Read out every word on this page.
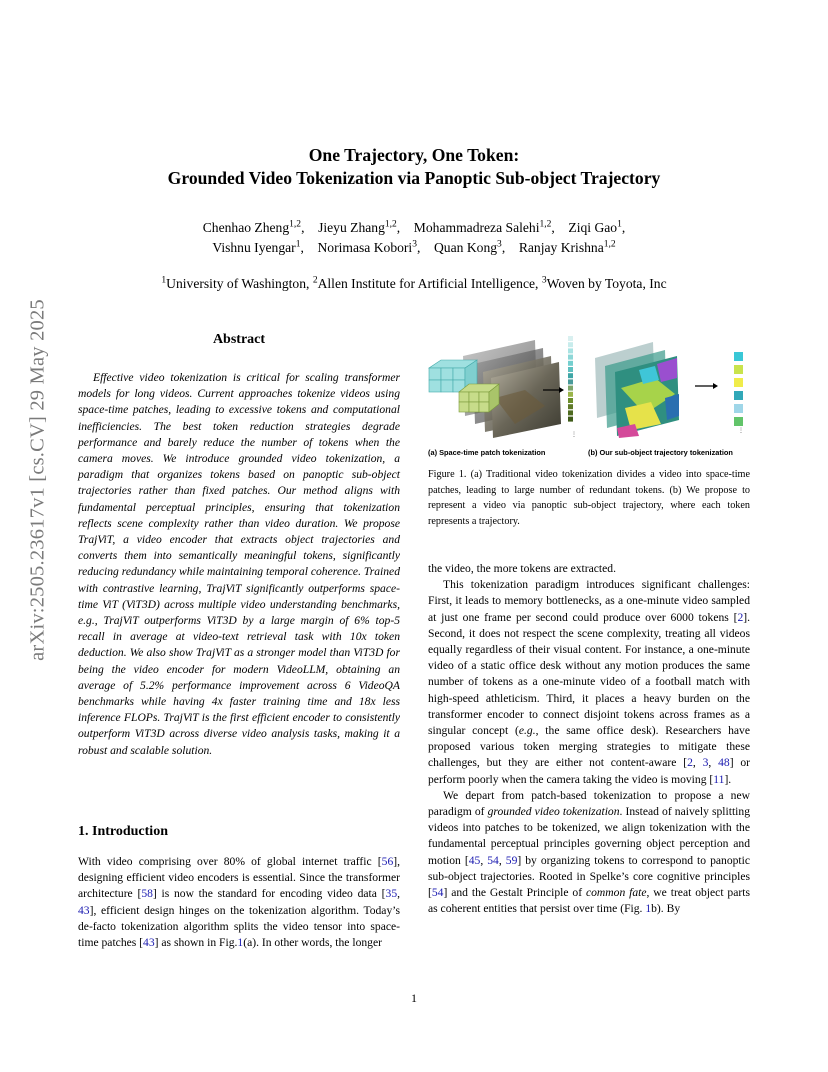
arXiv:2505.23617v1 [cs.CV] 29 May 2025
One Trajectory, One Token:
Grounded Video Tokenization via Panoptic Sub-object Trajectory
Chenhao Zheng$^{1,2}$, Jieyu Zhang$^{1,2}$, Mohammadreza Salehi$^{1,2}$, Ziqi Gao$^1$,
Vishnu Iyengar$^1$, Norimasa Kobori$^3$, Quan Kong$^3$, Ranjay Krishna$^{1,2}$
$^1$University of Washington, $^2$Allen Institute for Artificial Intelligence, $^3$Woven by Toyota, Inc
Abstract
Effective video tokenization is critical for scaling transformer models for long videos. Current approaches tokenize videos using space-time patches, leading to excessive tokens and computational inefficiencies. The best token reduction strategies degrade performance and barely reduce the number of tokens when the camera moves. We introduce grounded video tokenization, a paradigm that organizes tokens based on panoptic sub-object trajectories rather than fixed patches. Our method aligns with fundamental perceptual principles, ensuring that tokenization reflects scene complexity rather than video duration. We propose TrajViT, a video encoder that extracts object trajectories and converts them into semantically meaningful tokens, significantly reducing redundancy while maintaining temporal coherence. Trained with contrastive learning, TrajViT significantly outperforms space-time ViT (ViT3D) across multiple video understanding benchmarks, e.g., TrajViT outperforms ViT3D by a large margin of 6% top-5 recall in average at video-text retrieval task with 10x token deduction. We also show TrajViT as a stronger model than ViT3D for being the video encoder for modern VideoLLM, obtaining an average of 5.2% performance improvement across 6 VideoQA benchmarks while having 4x faster training time and 18x less inference FLOPs. TrajViT is the first efficient encoder to consistently outperform ViT3D across diverse video analysis tasks, making it a robust and scalable solution.
1. Introduction
With video comprising over 80% of global internet traffic [56], designing efficient video encoders is essential. Since the transformer architecture [58] is now the standard for encoding video data [35, 43], efficient design hinges on the tokenization algorithm. Today’s de-facto tokenization algorithm splits the video tensor into space-time patches [43] as shown in Fig.1(a). In other words, the longer
⋮
⋮
(a) Space-time patch tokenization	(b) Our sub-object trajectory tokenization
Figure 1. (a) Traditional video tokenization divides a video into space-time patches, leading to large number of redundant tokens. (b) We propose to represent a video via panoptic sub-object trajectory, where each token represents a trajectory.

the video, the more tokens are extracted.

This tokenization paradigm introduces significant challenges: First, it leads to memory bottlenecks, as a one-minute video sampled at just one frame per second could produce over 6000 tokens [2]. Second, it does not respect the scene complexity, treating all videos equally regardless of their visual content. For instance, a one-minute video of a static office desk without any motion produces the same number of tokens as a one-minute video of a football match with high-speed athleticism. Third, it places a heavy burden on the transformer encoder to connect disjoint tokens across frames as a singular concept (e.g., the same office desk). Researchers have proposed various token merging strategies to mitigate these challenges, but they are either not content-aware [2, 3, 48] or perform poorly when the camera taking the video is moving [11].

We depart from patch-based tokenization to propose a new paradigm of grounded video tokenization. Instead of naively splitting videos into patches to be tokenized, we align tokenization with the fundamental perceptual principles governing object perception and motion [45, 54, 59] by organizing tokens to correspond to panoptic sub-object trajectories. Rooted in Spelke’s core cognitive principles [54] and the Gestalt Principle of common fate, we treat object parts as coherent entities that persist over time (Fig. 1b). By

1
